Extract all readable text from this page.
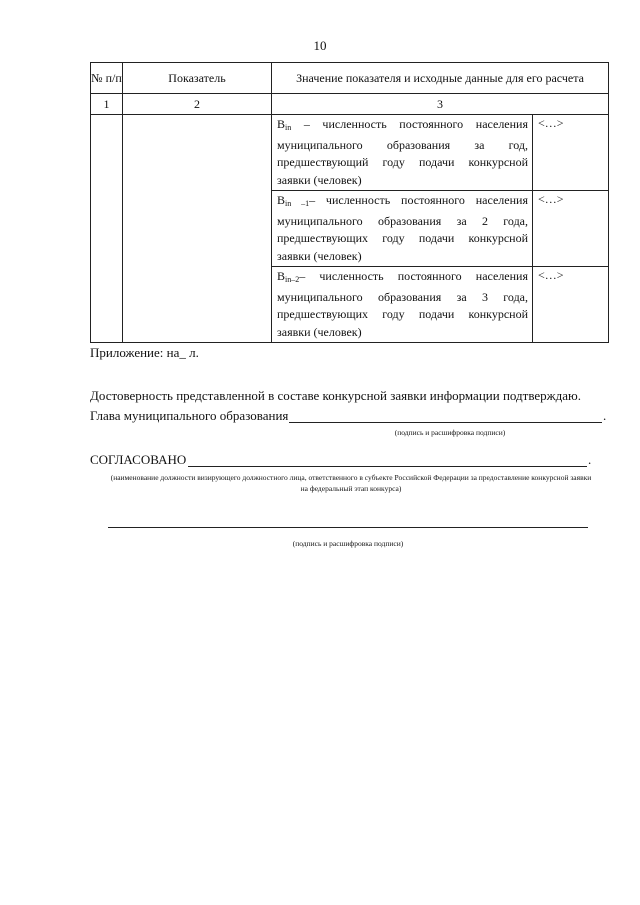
10
№ п/п	Показатель	Значение показателя и исходные данные для его расчета	
1	2	3	
		$B_{in}$ – численность постоянного населения муниципального образования за год, предшествующий году подачи конкурсной заявки (человек)	<…>
		$B_{in -1}-$ численность постоянного населения муниципального образования за 2 года, предшествующих году подачи конкурсной заявки (человек)	<…>
		$B_{in-2}-$ численность постоянного населения муниципального образования за 3 года, предшествующих году подачи конкурсной заявки (человек)	<…>
Приложение: на_ л.
Достоверность представленной в составе конкурсной заявки информации подтверждаю.
Глава муниципального образования	.
(подпись и расшифровка подписи)
СОГЛАСОВАНО	.
(наименование должности визирующего должностного лица, ответственного в субъекте Российской Федерации за предоставление конкурсной заявки на федеральный этап конкурса)
(подпись и расшифровка подписи)
